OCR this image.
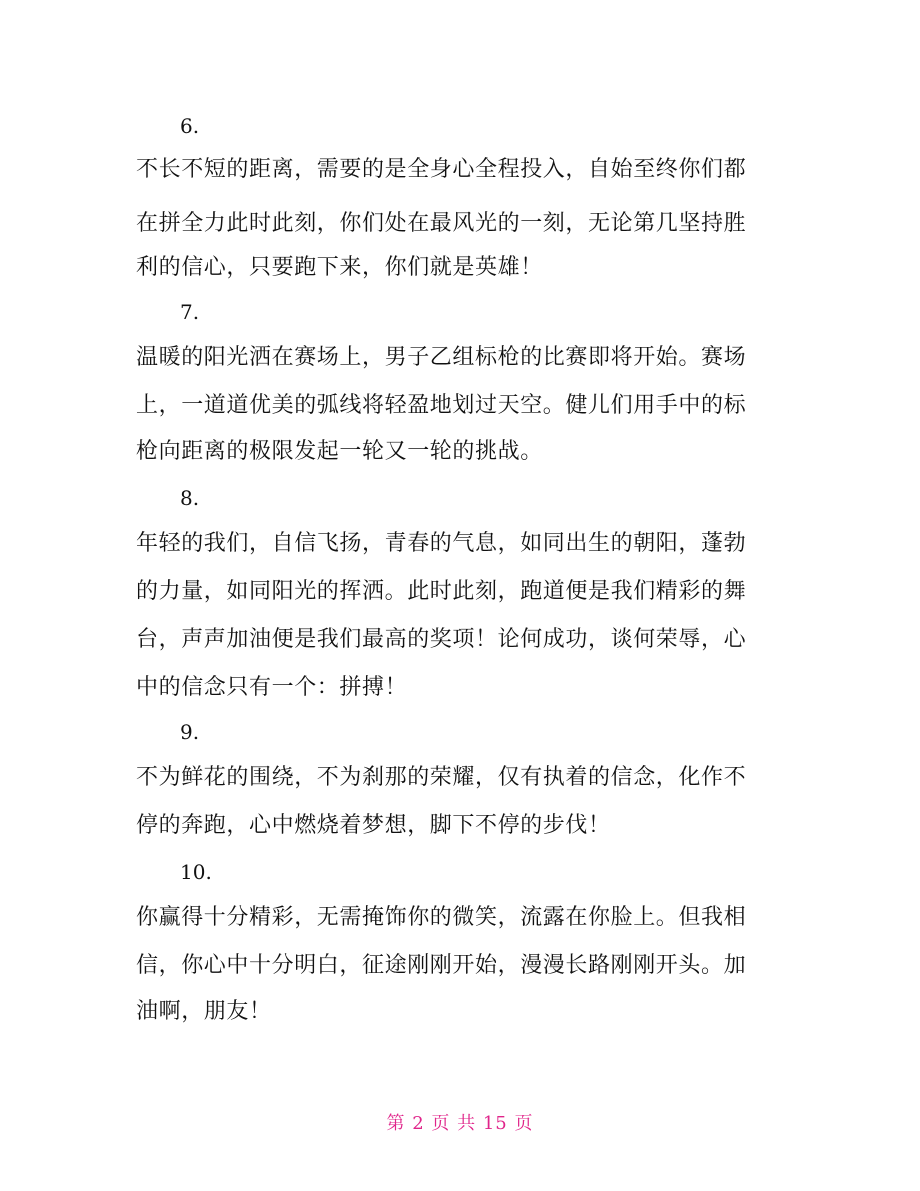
6.
不长不短的距离，需要的是全身心全程投入，自始至终你们都
在拼全力此时此刻，你们处在最风光的一刻，无论第几坚持胜
利的信心，只要跑下来，你们就是英雄！
7.
温暖的阳光洒在赛场上，男子乙组标枪的比赛即将开始。赛场
上，一道道优美的弧线将轻盈地划过天空。健儿们用手中的标
枪向距离的极限发起一轮又一轮的挑战。
8.
年轻的我们，自信飞扬，青春的气息，如同出生的朝阳，蓬勃
的力量，如同阳光的挥洒。此时此刻，跑道便是我们精彩的舞
台，声声加油便是我们最高的奖项！论何成功，谈何荣辱，心
中的信念只有一个：拼搏！
9.
不为鲜花的围绕，不为刹那的荣耀，仅有执着的信念，化作不
停的奔跑，心中燃烧着梦想，脚下不停的步伐！
10.
你赢得十分精彩，无需掩饰你的微笑，流露在你脸上。但我相
信，你心中十分明白，征途刚刚开始，漫漫长路刚刚开头。加
油啊，朋友！
第 2 页 共 15 页
